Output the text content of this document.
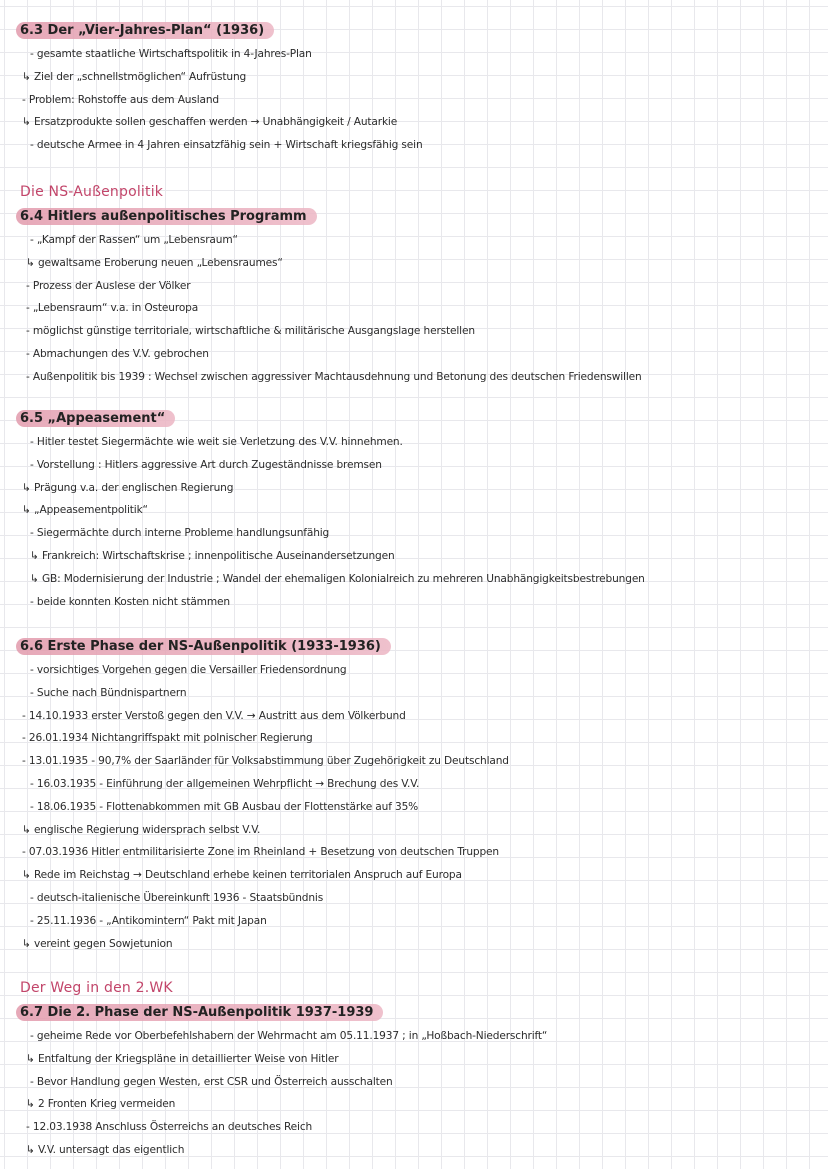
6.3 Der „Vier-Jahres-Plan“ (1936)
- gesamte staatliche Wirtschaftspolitik in 4-Jahres-Plan
↳ Ziel der „schnellstmöglichen“ Aufrüstung
- Problem: Rohstoffe aus dem Ausland
↳ Ersatzprodukte sollen geschaffen werden → Unabhängigkeit / Autarkie
- deutsche Armee in 4 Jahren einsatzfähig sein + Wirtschaft kriegsfähig sein
Die NS-Außenpolitik
6.4 Hitlers außenpolitisches Programm
- „Kampf der Rassen“ um „Lebensraum“
↳ gewaltsame Eroberung neuen „Lebensraumes“
- Prozess der Auslese der Völker
- „Lebensraum“ v.a. in Osteuropa
- möglichst günstige territoriale, wirtschaftliche & militärische Ausgangslage herstellen
- Abmachungen des V.V. gebrochen
- Außenpolitik bis 1939 : Wechsel zwischen aggressiver Machtausdehnung und Betonung des deutschen Friedenswillen
6.5 „Appeasement“
- Hitler testet Siegermächte wie weit sie Verletzung des V.V. hinnehmen.
- Vorstellung : Hitlers aggressive Art durch Zugeständnisse bremsen
↳ Prägung v.a. der englischen Regierung
↳ „Appeasementpolitik“
- Siegermächte durch interne Probleme handlungsunfähig
↳ Frankreich: Wirtschaftskrise ; innenpolitische Auseinandersetzungen
↳ GB: Modernisierung der Industrie ; Wandel der ehemaligen Kolonialreich zu mehreren Unabhängigkeitsbestrebungen
- beide konnten Kosten nicht stämmen
6.6 Erste Phase der NS-Außenpolitik (1933-1936)
- vorsichtiges Vorgehen gegen die Versailler Friedensordnung
- Suche nach Bündnispartnern
- 14.10.1933 erster Verstoß gegen den V.V. → Austritt aus dem Völkerbund
- 26.01.1934 Nichtangriffspakt mit polnischer Regierung
- 13.01.1935 - 90,7% der Saarländer für Volksabstimmung über Zugehörigkeit zu Deutschland
- 16.03.1935 - Einführung der allgemeinen Wehrpflicht → Brechung des V.V.
- 18.06.1935 - Flottenabkommen mit GB Ausbau der Flottenstärke auf 35%
↳ englische Regierung widersprach selbst V.V.
- 07.03.1936 Hitler entmilitarisierte Zone im Rheinland + Besetzung von deutschen Truppen
↳ Rede im Reichstag → Deutschland erhebe keinen territorialen Anspruch auf Europa
- deutsch-italienische Übereinkunft 1936 - Staatsbündnis
- 25.11.1936 - „Antikomintern“ Pakt mit Japan
↳ vereint gegen Sowjetunion
Der Weg in den 2.WK
6.7 Die 2. Phase der NS-Außenpolitik 1937-1939
- geheime Rede vor Oberbefehlshabern der Wehrmacht am 05.11.1937 ; in „Hoßbach-Niederschrift“
↳ Entfaltung der Kriegspläne in detaillierter Weise von Hitler
- Bevor Handlung gegen Westen, erst CSR und Österreich ausschalten
↳ 2 Fronten Krieg vermeiden
- 12.03.1938 Anschluss Österreichs an deutsches Reich
↳ V.V. untersagt das eigentlich
